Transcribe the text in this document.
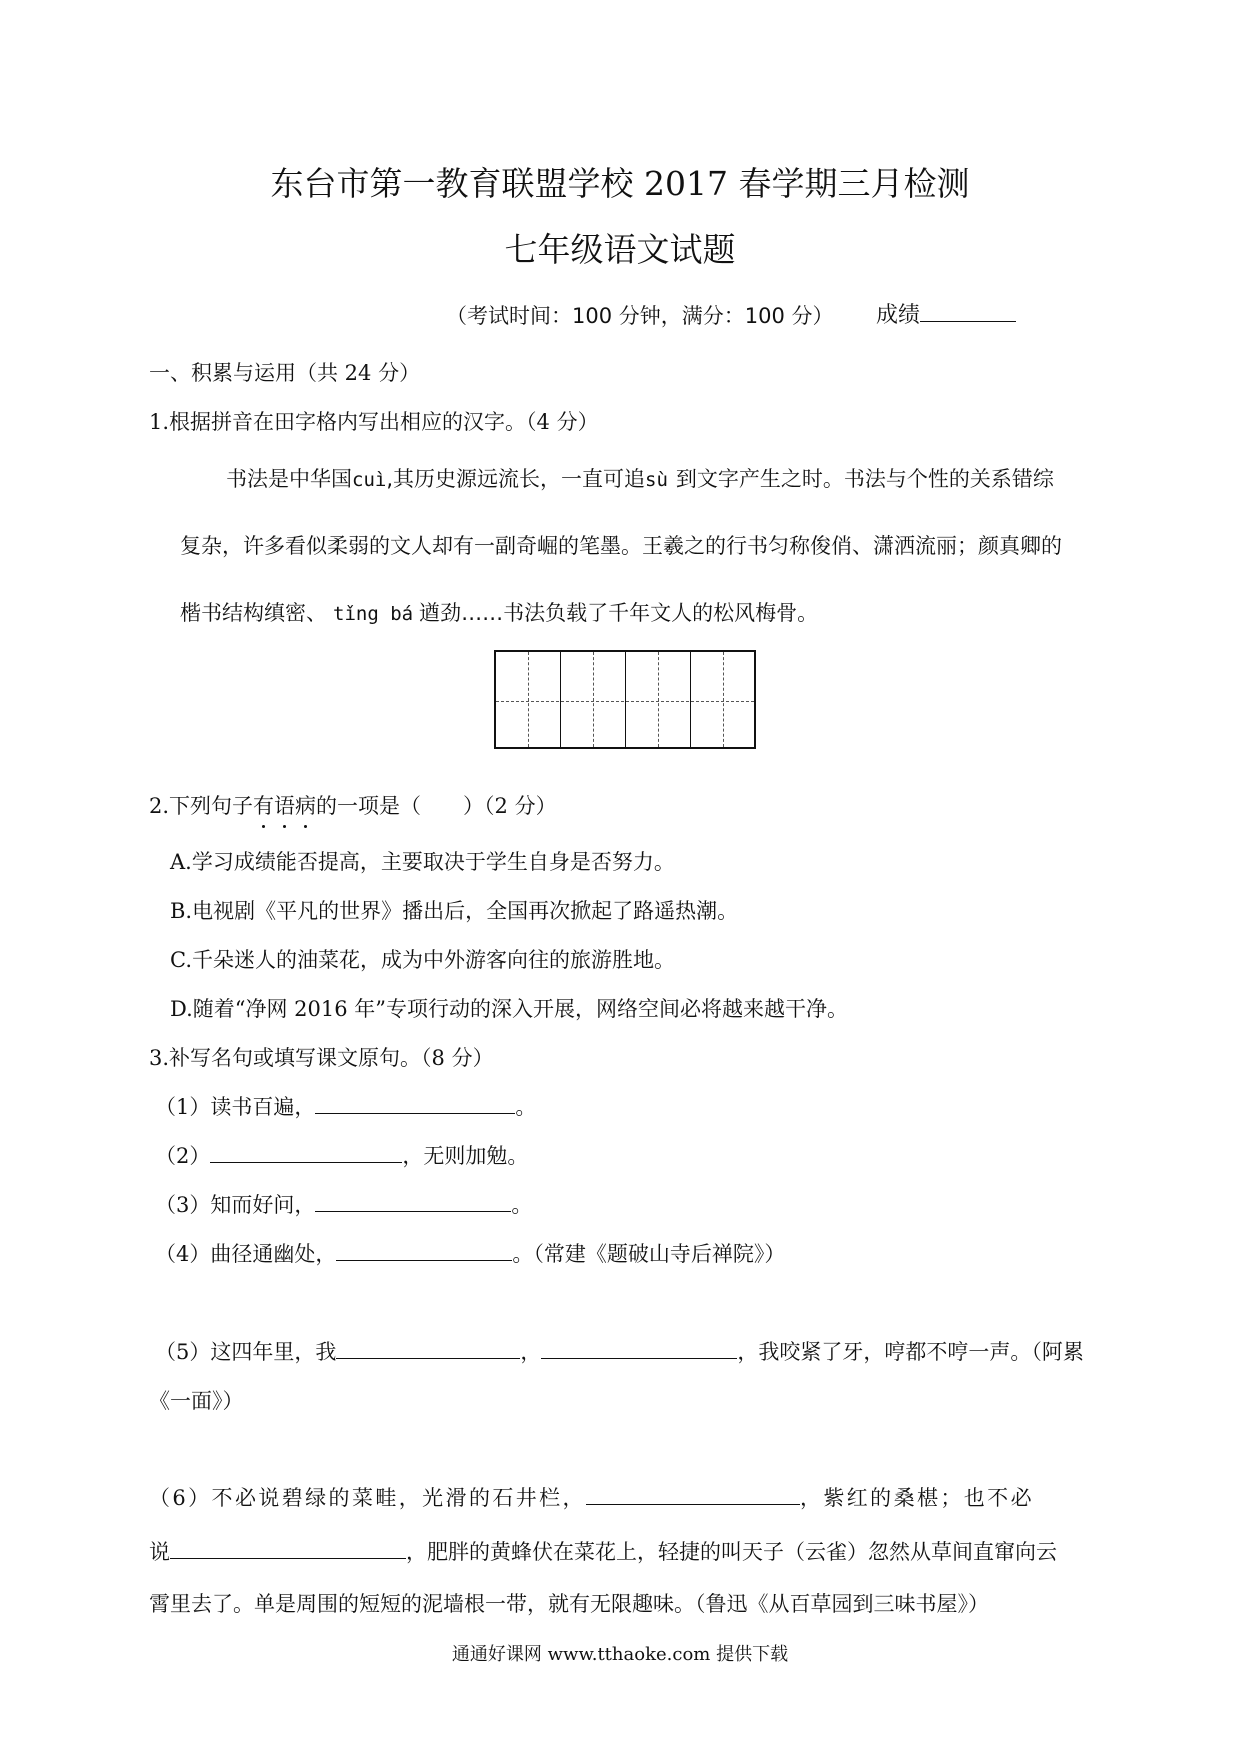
东台市第一教育联盟学校 2017 春学期三月检测
七年级语文试题
（考试时间：100 分钟，满分：100 分） 成绩
一、积累与运用（共 24 分）
1.根据拼音在田字格内写出相应的汉字。（4 分）
书法是中华国cuì,其历史源远流长，一直可追sù 到文字产生之时。书法与个性的关系错综
复杂，许多看似柔弱的文人却有一副奇崛的笔墨。王羲之的行书匀称俊俏、潇洒流丽；颜真卿的
楷书结构缜密、 tǐng bá 遒劲……书法负载了千年文人的松风梅骨。
2.下列句子有
语
病
的一项是（　　）（2 分）
A.学习成绩能否提高，主要取决于学生自身是否努力。
B.电视剧《平凡的世界》播出后，全国再次掀起了路遥热潮。
C.千朵迷人的油菜花，成为中外游客向往的旅游胜地。
D.随着“净网 2016 年”专项行动的深入开展，网络空间必将越来越干净。
3.补写名句或填写课文原句。（8 分）
（1）读书百遍，	。
（2）	，无则加勉。
（3）知而好问，	。
（4）曲径通幽处，	。（常建《题破山寺后禅院》）
（5）这四年里，我	，	，我咬紧了牙，哼都不哼一声。（阿累
《一面》）
（6）不必说碧绿的菜畦，光滑的石井栏，	，紫红的桑椹；也不必
说	，肥胖的黄蜂伏在菜花上，轻捷的叫天子（云雀）忽然从草间直窜向云
霄里去了。单是周围的短短的泥墙根一带，就有无限趣味。（鲁迅《从百草园到三味书屋》）
通通好课网 www.tthaoke.com 提供下载
